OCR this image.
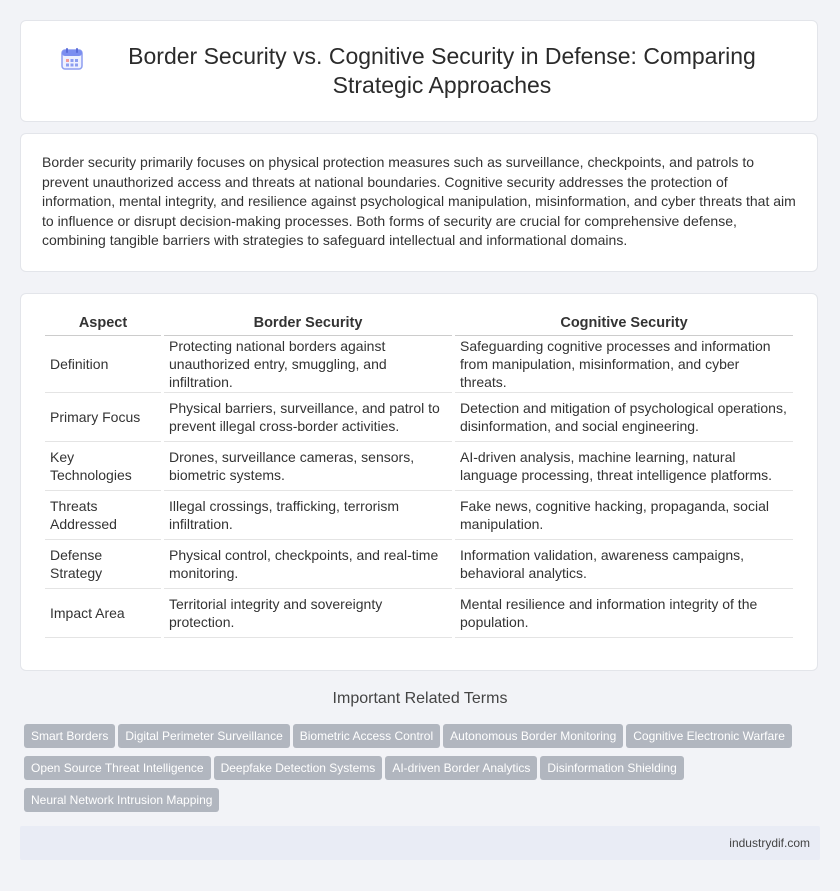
Border Security vs. Cognitive Security in Defense: Comparing Strategic Approaches

Border security primarily focuses on physical protection measures such as surveillance, checkpoints, and patrols to prevent unauthorized access and threats at national boundaries. Cognitive security addresses the protection of information, mental integrity, and resilience against psychological manipulation, misinformation, and cyber threats that aim to influence or disrupt decision-making processes. Both forms of security are crucial for comprehensive defense, combining tangible barriers with strategies to safeguard intellectual and informational domains.

Aspect	Border Security	Cognitive Security
Definition	Protecting national borders against unauthorized entry, smuggling, and infiltration.	Safeguarding cognitive processes and information from manipulation, misinformation, and cyber threats.
Primary Focus	Physical barriers, surveillance, and patrol to prevent illegal cross-border activities.	Detection and mitigation of psychological operations, disinformation, and social engineering.
Key Technologies	Drones, surveillance cameras, sensors, biometric systems.	AI-driven analysis, machine learning, natural language processing, threat intelligence platforms.
Threats Addressed	Illegal crossings, trafficking, terrorism infiltration.	Fake news, cognitive hacking, propaganda, social manipulation.
Defense Strategy	Physical control, checkpoints, and real-time monitoring.	Information validation, awareness campaigns, behavioral analytics.
Impact Area	Territorial integrity and sovereignty protection.	Mental resilience and information integrity of the population.
Important Related Terms
Smart Borders Digital Perimeter Surveillance Biometric Access Control Autonomous Border Monitoring Cognitive Electronic Warfare
Open Source Threat Intelligence Deepfake Detection Systems AI-driven Border Analytics Disinformation Shielding
Neural Network Intrusion Mapping
industrydif.com
